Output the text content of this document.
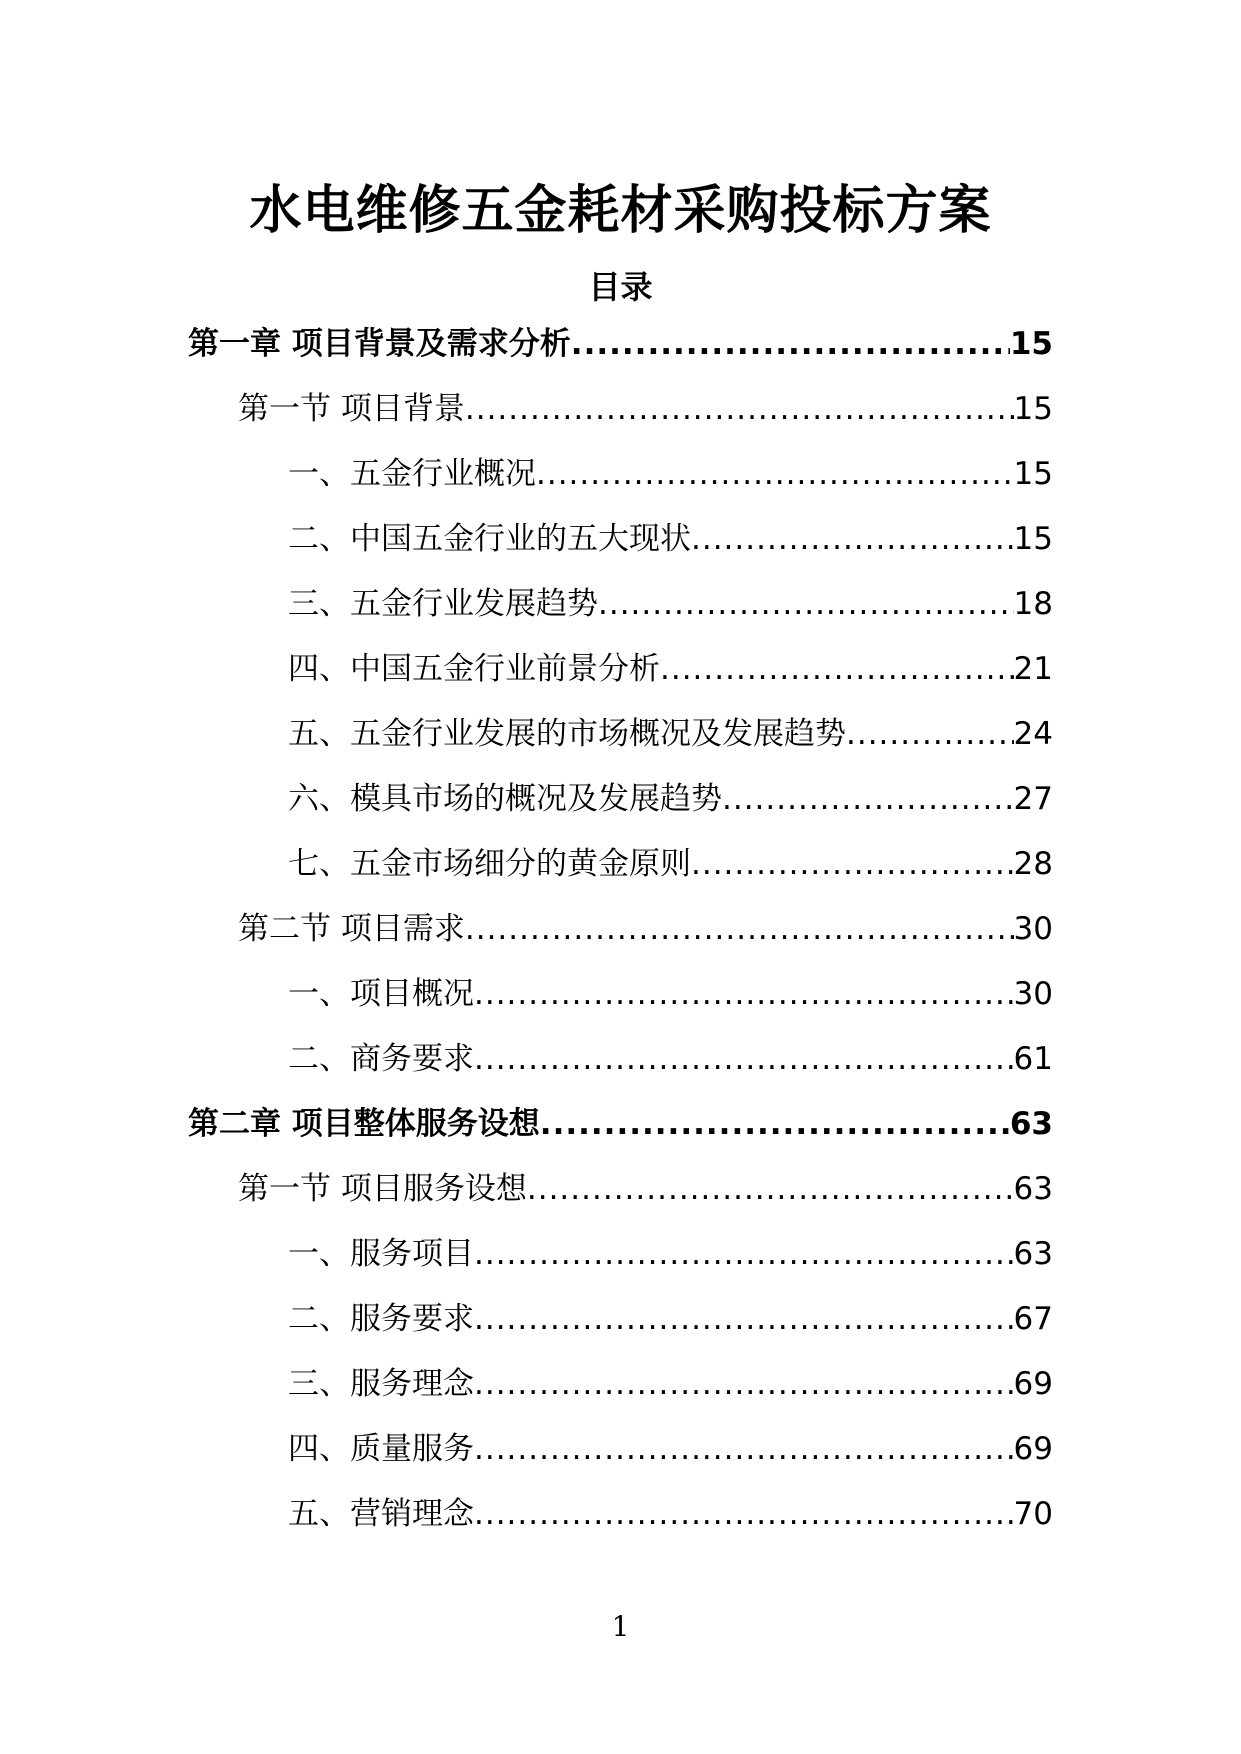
水电维修五金耗材采购投标方案
目录
第一章 项目背景及需求分析 .....	15
第一节 项目背景 .....	15
一、五金行业概况 .....	15
二、中国五金行业的五大现状 .....	15
三、五金行业发展趋势 .....	18
四、中国五金行业前景分析 .....	21
五、五金行业发展的市场概况及发展趋势 .....	24
六、模具市场的概况及发展趋势 .....	27
七、五金市场细分的黄金原则 .....	28
第二节 项目需求 .....	30
一、项目概况 .....	30
二、商务要求 .....	61
第二章 项目整体服务设想 .....	63
第一节 项目服务设想 .....	63
一、服务项目 .....	63
二、服务要求 .....	67
三、服务理念 .....	69
四、质量服务 .....	69
五、营销理念 .....	70
1
